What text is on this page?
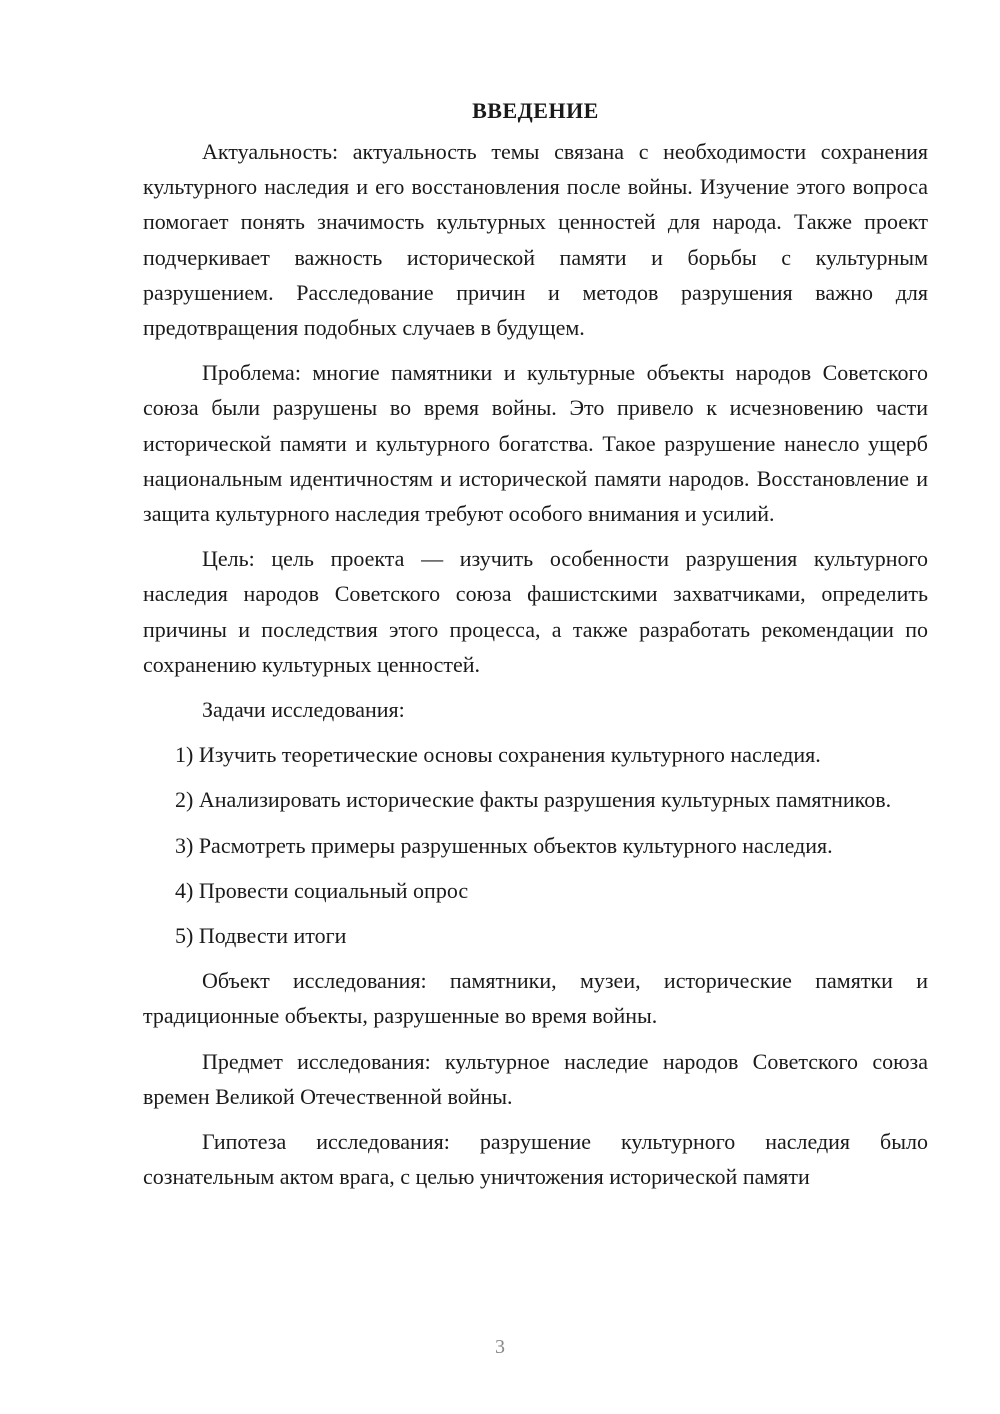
ВВЕДЕНИЕ

Актуальность: актуальность темы связана с необходимости сохранения культурного наследия и его восстановления после войны. Изучение этого вопроса помогает понять значимость культурных ценностей для народа. Также проект подчеркивает важность исторической памяти и борьбы с культурным разрушением. Расследование причин и методов разрушения важно для предотвращения подобных случаев в будущем.

Проблема: многие памятники и культурные объекты народов Советского союза были разрушены во время войны. Это привело к исчезновению части исторической памяти и культурного богатства. Такое разрушение нанесло ущерб национальным идентичностям и исторической памяти народов. Восстановление и защита культурного наследия требуют особого внимания и усилий.

Цель: цель проекта — изучить особенности разрушения культурного наследия народов Советского союза фашистскими захватчиками, определить причины и последствия этого процесса, а также разработать рекомендации по сохранению культурных ценностей.

Задачи исследования:

1) Изучить теоретические основы сохранения культурного наследия.

2) Анализировать исторические факты разрушения культурных памятников.

3) Расмотреть примеры разрушенных объектов культурного наследия.

4) Провести социальный опрос

5) Подвести итоги

Объект исследования: памятники, музеи, исторические памятки и традиционные объекты, разрушенные во время войны.

Предмет исследования: культурное наследие народов Советского союза времен Великой Отечественной войны.

Гипотеза исследования: разрушение культурного наследия было сознательным актом врага, с целью уничтожения исторической памяти

3
